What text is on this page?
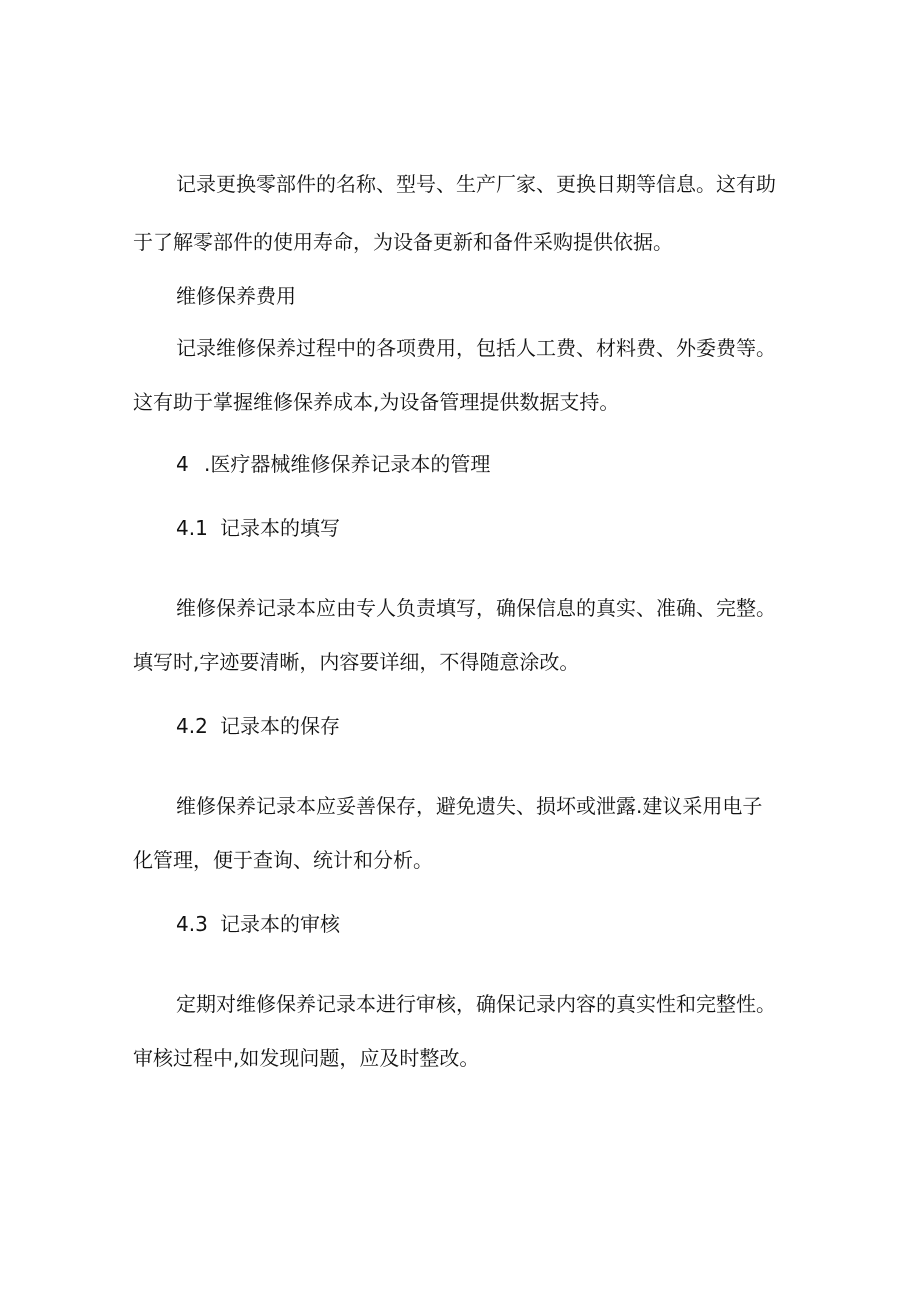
记录更换零部件的名称、型号、生产厂家、更换日期等信息。这有助
于了解零部件的使用寿命，为设备更新和备件采购提供依据。
维修保养费用
记录维修保养过程中的各项费用，包括人工费、材料费、外委费等。
这有助于掌握维修保养成本,为设备管理提供数据支持。
4 .医疗器械维修保养记录本的管理
4.1 记录本的填写
维修保养记录本应由专人负责填写，确保信息的真实、准确、完整。
填写时,字迹要清晰，内容要详细，不得随意涂改。
4.2 记录本的保存
维修保养记录本应妥善保存，避免遗失、损坏或泄露.建议采用电子
化管理，便于查询、统计和分析。
4.3 记录本的审核
定期对维修保养记录本进行审核，确保记录内容的真实性和完整性。
审核过程中,如发现问题，应及时整改。
